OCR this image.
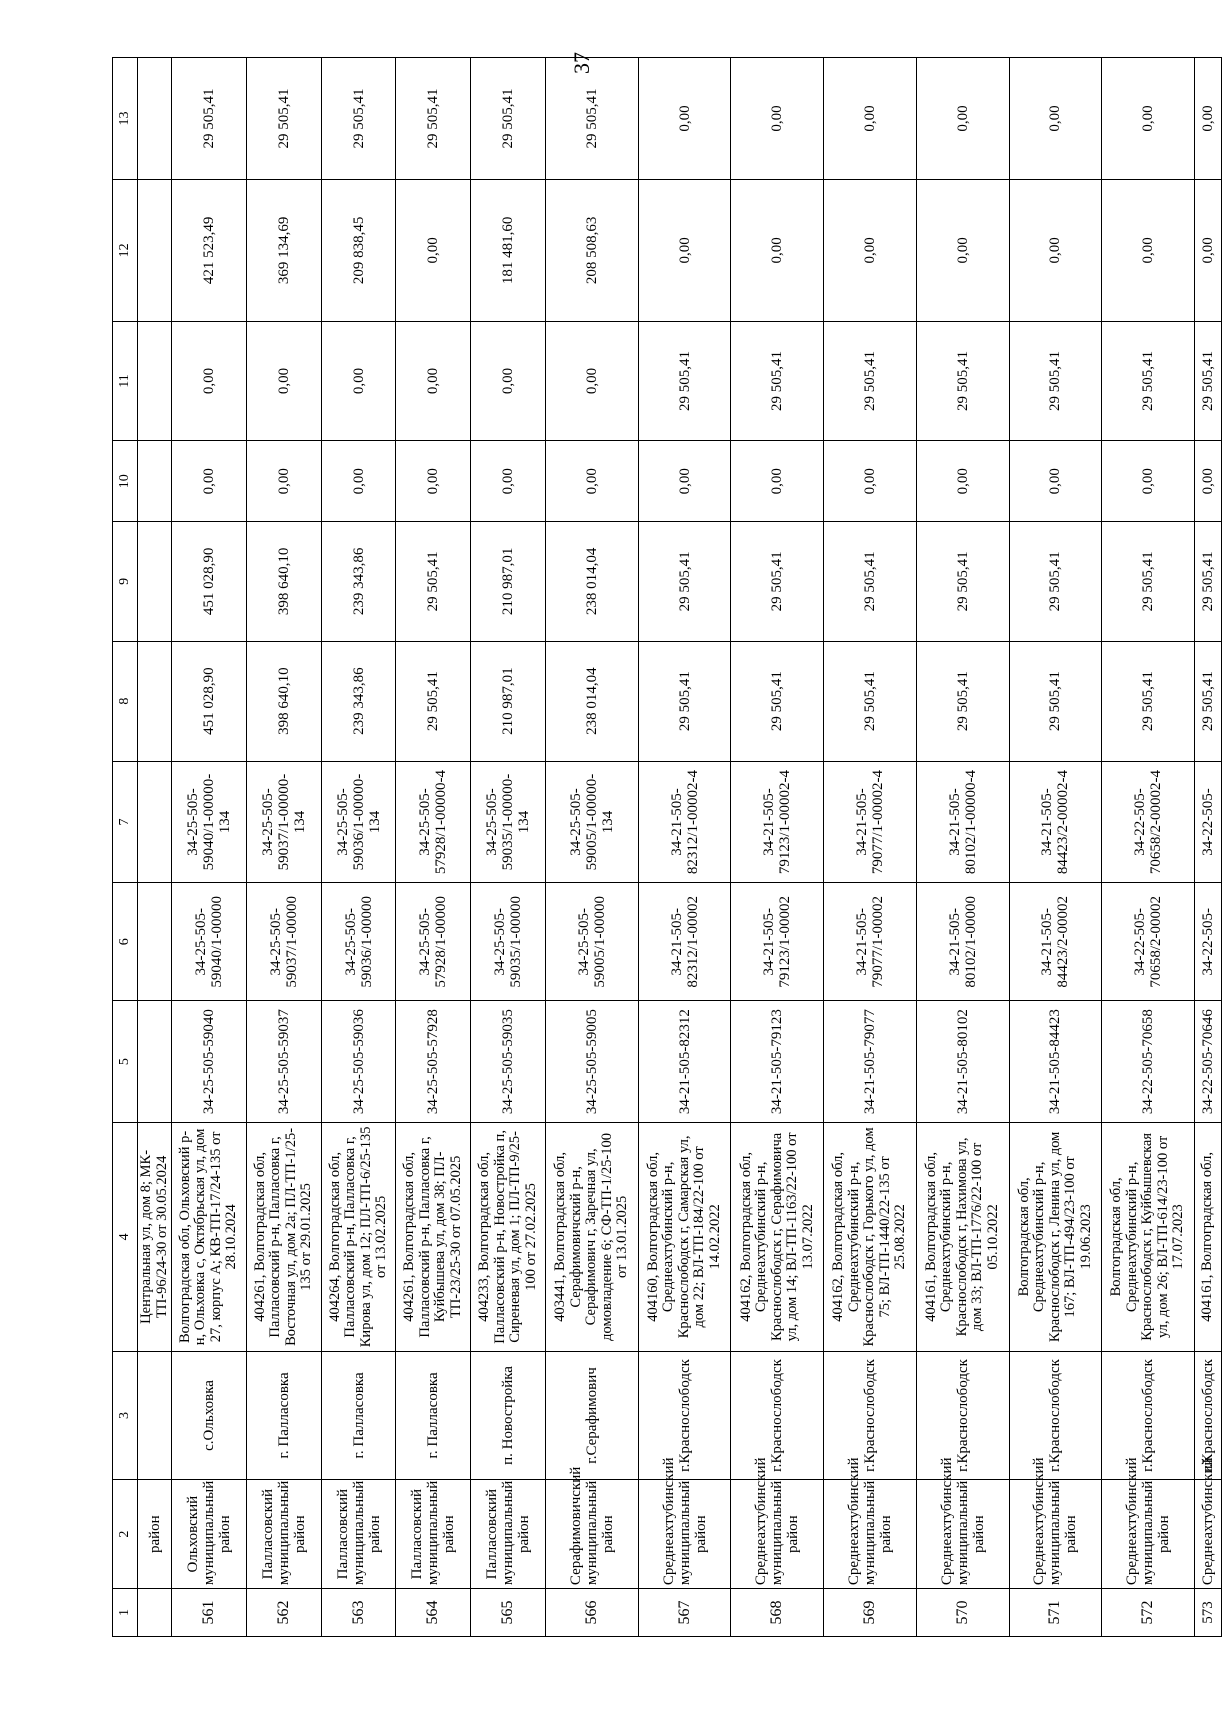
37
1	2	3	4	5	6	7	8	9	10	11	12	13
	район		Центральная ул, дом 8; МК-ТП-96/24-30 от 30.05.2024									
561	Ольховский муниципальный район	с.Ольховка	Волгоградская обл, Ольховский р-н, Ольховка с, Октябрьская ул, дом 27, корпус А; КВ-ТП-17/24-135 от 28.10.2024	34-25-505-59040	34-25-505-59040/1-00000	34-25-505-59040/1-00000-134	451 028,90	451 028,90	0,00	0,00	421 523,49	29 505,41
562	Палласовский муниципальный район	г. Палласовка	404261, Волгоградская обл, Палласовский р-н, Палласовка г, Восточная ул, дом 2а; ПЛ-ТП-1/25-135 от 29.01.2025	34-25-505-59037	34-25-505-59037/1-00000	34-25-505-59037/1-00000-134	398 640,10	398 640,10	0,00	0,00	369 134,69	29 505,41
563	Палласовский муниципальный район	г. Палласовка	404264, Волгоградская обл, Палласовский р-н, Палласовка г, Кирова ул, дом 12; ПЛ-ТП-6/25-135 от 13.02.2025	34-25-505-59036	34-25-505-59036/1-00000	34-25-505-59036/1-00000-134	239 343,86	239 343,86	0,00	0,00	209 838,45	29 505,41
564	Палласовский муниципальный район	г. Палласовка	404261, Волгоградская обл, Палласовский р-н, Палласовка г, Куйбышева ул, дом 38; ПЛ-ТП-23/25-30 от 07.05.2025	34-25-505-57928	34-25-505-57928/1-00000	34-25-505-57928/1-00000-4	29 505,41	29 505,41	0,00	0,00	0,00	29 505,41
565	Палласовский муниципальный район	п. Новостройка	404233, Волгоградская обл, Палласовский р-н, Новостройка п, Сиреневая ул, дом 1; ПЛ-ТП-9/25-100 от 27.02.2025	34-25-505-59035	34-25-505-59035/1-00000	34-25-505-59035/1-00000-134	210 987,01	210 987,01	0,00	0,00	181 481,60	29 505,41
566	Серафимовичский муниципальный район	г.Серафимович	403441, Волгоградская обл, Серафимовичский р-н, Серафимович г, Заречная ул, домовладение 6; СФ-ТП-1/25-100 от 13.01.2025	34-25-505-59005	34-25-505-59005/1-00000	34-25-505-59005/1-00000-134	238 014,04	238 014,04	0,00	0,00	208 508,63	29 505,41
567	Среднеахтубинский муниципальный район	г.Краснослободск	404160, Волгоградская обл, Среднеахтубинский р-н, Краснослободск г, Самарская ул, дом 22; ВЛ-ТП-184/22-100 от 14.02.2022	34-21-505-82312	34-21-505-82312/1-00002	34-21-505-82312/1-00002-4	29 505,41	29 505,41	0,00	29 505,41	0,00	0,00
568	Среднеахтубинский муниципальный район	г.Краснослободск	404162, Волгоградская обл, Среднеахтубинский р-н, Краснослободск г, Серафимовича ул, дом 14; ВЛ-ТП-1163/22-100 от 13.07.2022	34-21-505-79123	34-21-505-79123/1-00002	34-21-505-79123/1-00002-4	29 505,41	29 505,41	0,00	29 505,41	0,00	0,00
569	Среднеахтубинский муниципальный район	г.Краснослободск	404162, Волгоградская обл, Среднеахтубинский р-н, Краснослободск г, Горького ул, дом 75; ВЛ-ТП-1440/22-135 от 25.08.2022	34-21-505-79077	34-21-505-79077/1-00002	34-21-505-79077/1-00002-4	29 505,41	29 505,41	0,00	29 505,41	0,00	0,00
570	Среднеахтубинский муниципальный район	г.Краснослободск	404161, Волгоградская обл, Среднеахтубинский р-н, Краснослободск г, Нахимова ул, дом 33; ВЛ-ТП-1776/22-100 от 05.10.2022	34-21-505-80102	34-21-505-80102/1-00000	34-21-505-80102/1-00000-4	29 505,41	29 505,41	0,00	29 505,41	0,00	0,00
571	Среднеахтубинский муниципальный район	г.Краснослободск	Волгоградская обл, Среднеахтубинский р-н, Краснослободск г, Ленина ул, дом 167; ВЛ-ТП-494/23-100 от 19.06.2023	34-21-505-84423	34-21-505-84423/2-00002	34-21-505-84423/2-00002-4	29 505,41	29 505,41	0,00	29 505,41	0,00	0,00
572	Среднеахтубинский муниципальный район	г.Краснослободск	Волгоградская обл, Среднеахтубинский р-н, Краснослободск г, Куйбышевская ул, дом 26; ВЛ-ТП-614/23-100 от 17.07.2023	34-22-505-70658	34-22-505-70658/2-00002	34-22-505-70658/2-00002-4	29 505,41	29 505,41	0,00	29 505,41	0,00	0,00
573	Среднеахтубинский	г.Краснослободск	404161, Волгоградская обл,	34-22-505-70646	34-22-505-	34-22-505-	29 505,41	29 505,41	0,00	29 505,41	0,00	0,00
